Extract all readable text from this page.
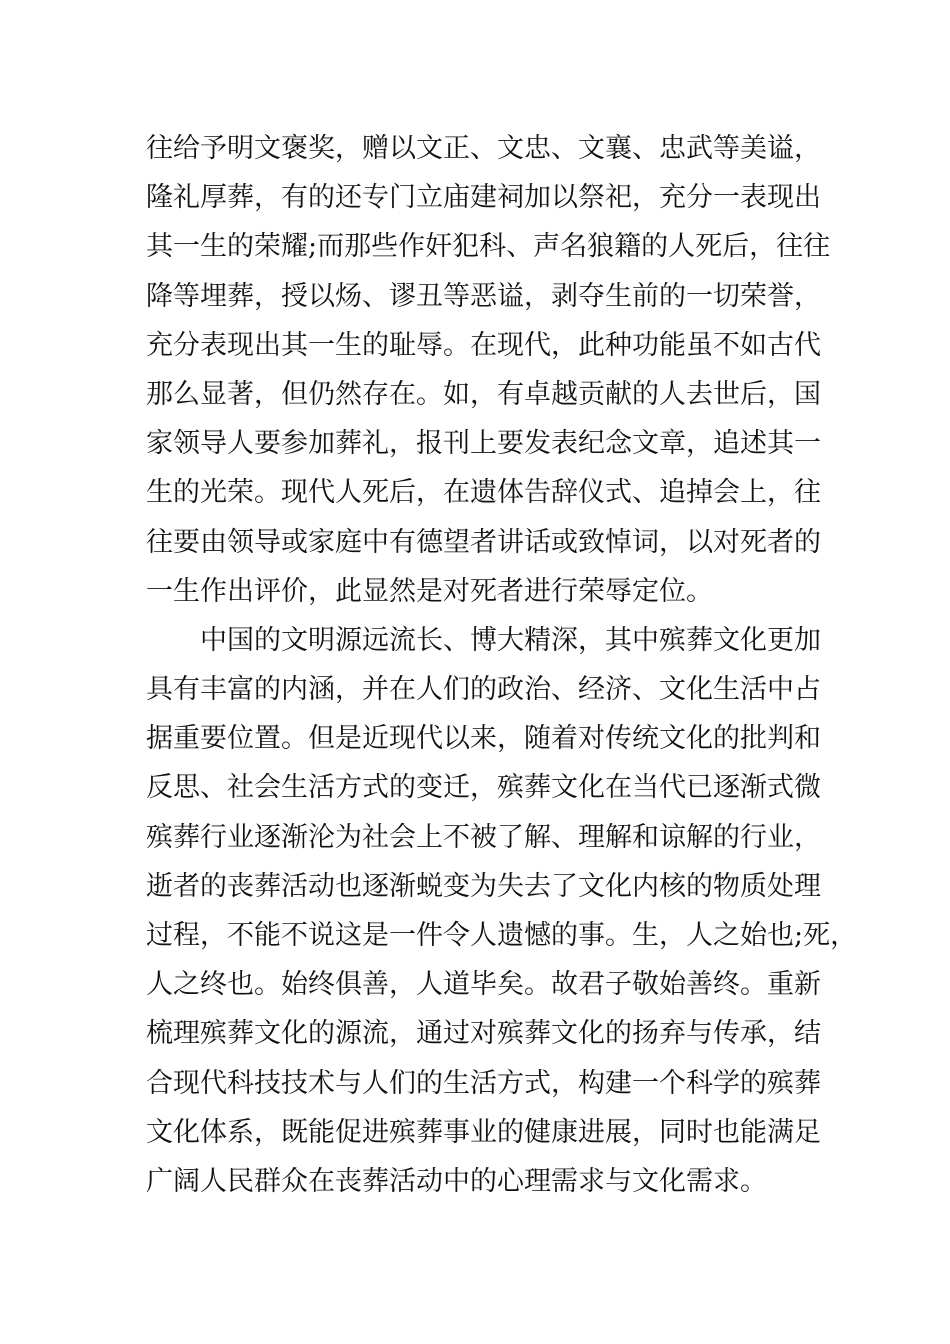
往给予明文褒奖，赠以文正、文忠、文襄、忠武等美谥，
隆礼厚葬，有的还专门立庙建祠加以祭祀，充分一表现出
其一生的荣耀;而那些作奸犯科、声名狼籍的人死后，往往
降等埋葬，授以炀、谬丑等恶谥，剥夺生前的一切荣誉，
充分表现出其一生的耻辱。在现代，此种功能虽不如古代
那么显著，但仍然存在。如，有卓越贡献的人去世后，国
家领导人要参加葬礼，报刊上要发表纪念文章，追述其一
生的光荣。现代人死后，在遗体告辞仪式、追掉会上，往
往要由领导或家庭中有德望者讲话或致悼词，以对死者的
一生作出评价，此显然是对死者进行荣辱定位。
中国的文明源远流长、博大精深，其中殡葬文化更加
具有丰富的内涵，并在人们的政治、经济、文化生活中占
据重要位置。但是近现代以来，随着对传统文化的批判和
反思、社会生活方式的变迁，殡葬文化在当代已逐渐式微
殡葬行业逐渐沦为社会上不被了解、理解和谅解的行业，
逝者的丧葬活动也逐渐蜕变为失去了文化内核的物质处理
过程，不能不说这是一件令人遗憾的事。生，人之始也;死，
人之终也。始终俱善，人道毕矣。故君子敬始善终。重新
梳理殡葬文化的源流，通过对殡葬文化的扬弃与传承，结
合现代科技技术与人们的生活方式，构建一个科学的殡葬
文化体系，既能促进殡葬事业的健康进展，同时也能满足
广阔人民群众在丧葬活动中的心理需求与文化需求。
